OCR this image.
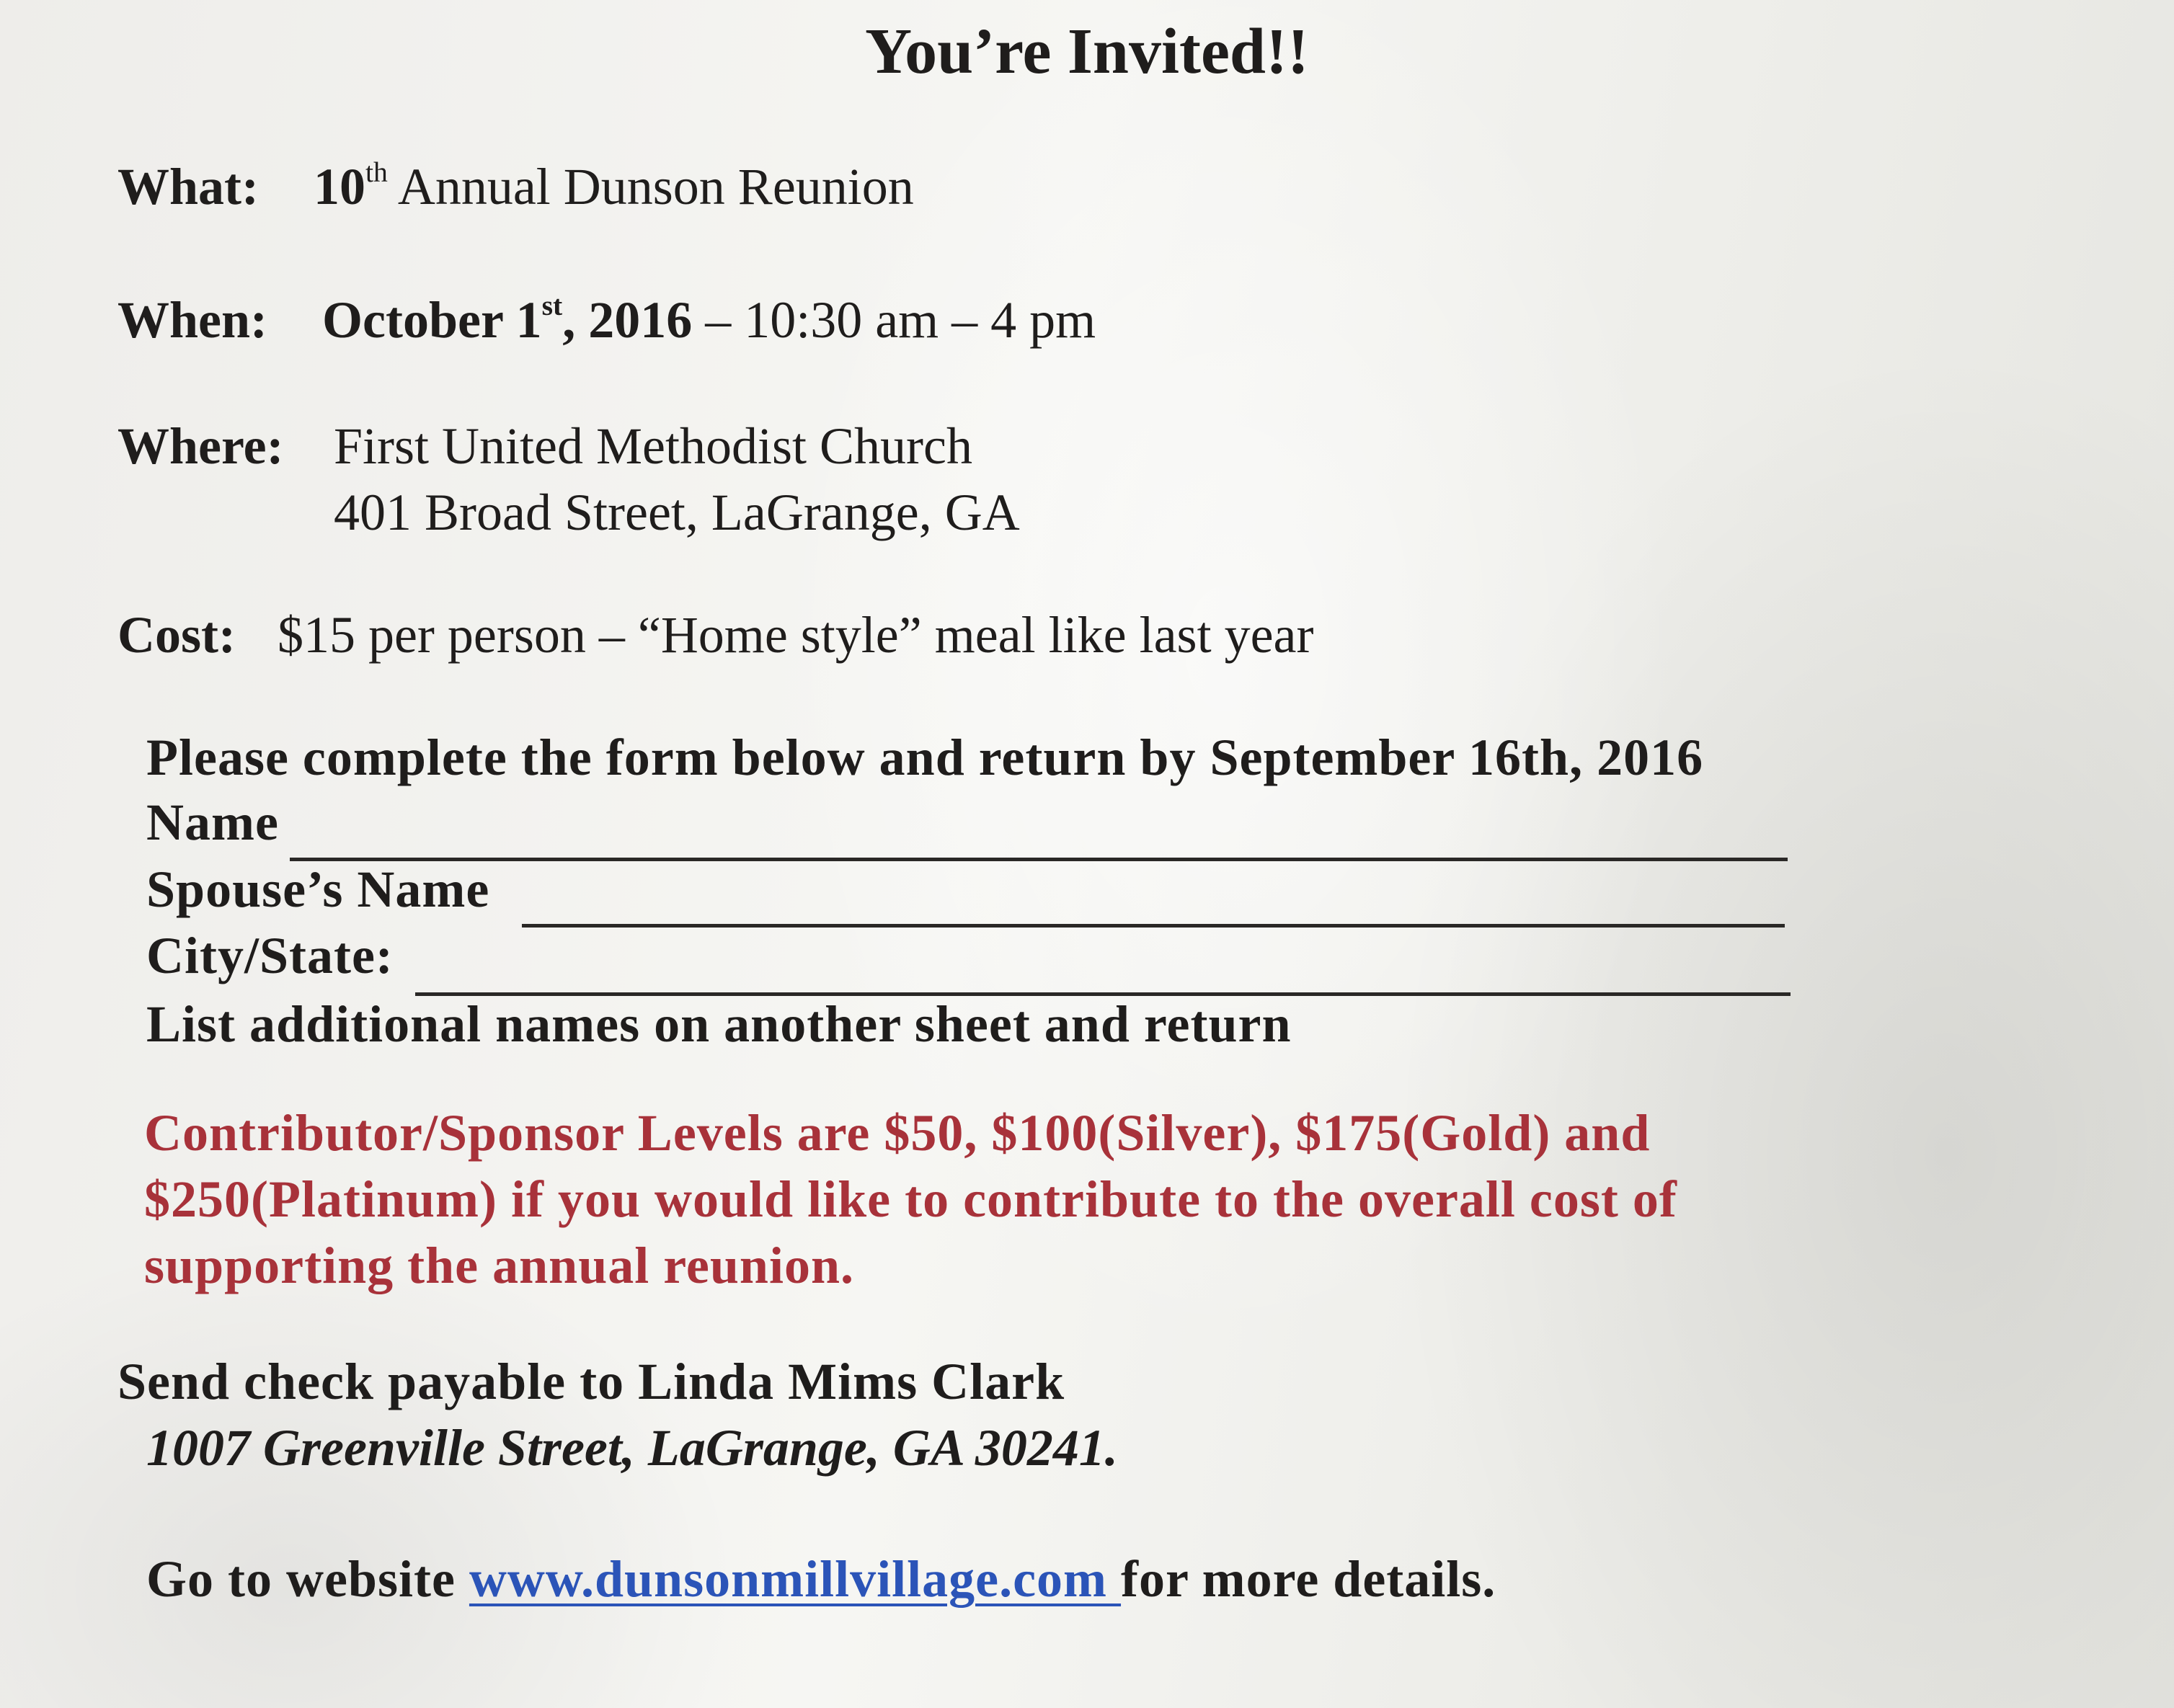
You’re Invited!!
What: 10th Annual Dunson Reunion
When: October 1st, 2016 – 10:30 am – 4 pm
Where: First United Methodist Church
401 Broad Street, LaGrange, GA
Cost: $15 per person – “Home style” meal like last year
Please complete the form below and return by September 16th, 2016
Name
Spouse’s Name
City/State:
List additional names on another sheet and return
Contributor/Sponsor Levels are $50, $100(Silver), $175(Gold) and
$250(Platinum) if you would like to contribute to the overall cost of
supporting the annual reunion.
Send check payable to Linda Mims Clark
1007 Greenville Street, LaGrange, GA 30241.
Go to website www.dunsonmillvillage.com for more details.
